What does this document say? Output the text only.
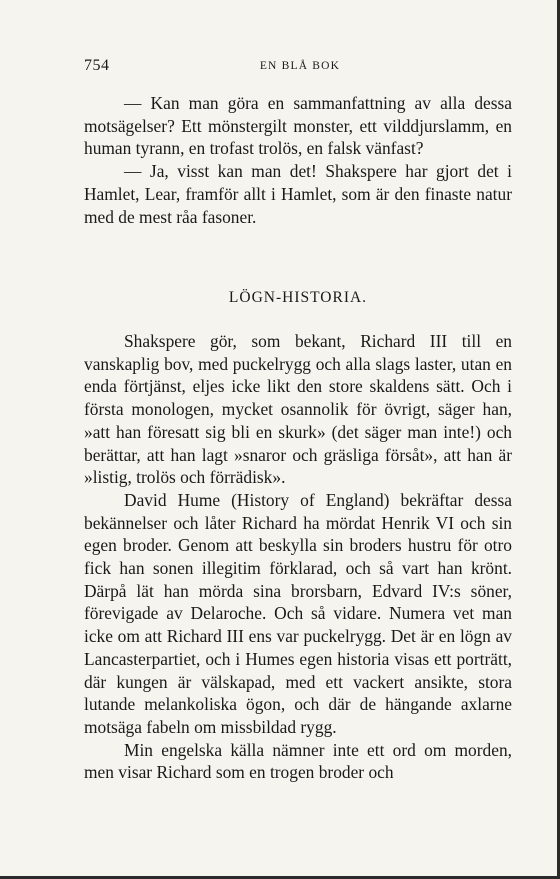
754	EN BLÅ BOK

— Kan man göra en sammanfattning av alla dessa motsägelser? Ett mönstergilt monster, ett vilddjurslamm, en human tyrann, en trofast trolös, en falsk vänfast?

— Ja, visst kan man det! Shakspere har gjort det i Hamlet, Lear, framför allt i Hamlet, som är den finaste natur med de mest råa fasoner.

LÖGN-HISTORIA.

Shakspere gör, som bekant, Richard III till en vanskaplig bov, med puckelrygg och alla slags laster, utan en enda förtjänst, eljes icke likt den store skaldens sätt. Och i första monologen, mycket osannolik för övrigt, säger han, »att han föresatt sig bli en skurk» (det säger man inte!) och berättar, att han lagt »snaror och gräsliga försåt», att han är »listig, trolös och förrädisk».

David Hume (History of England) bekräftar dessa bekännelser och låter Richard ha mördat Henrik VI och sin egen broder. Genom att beskylla sin broders hustru för otro fick han sonen illegitim förklarad, och så vart han krönt. Därpå lät han mörda sina brorsbarn, Edvard IV:s söner, förevigade av Delaroche. Och så vidare. Numera vet man icke om att Richard III ens var puckelrygg. Det är en lögn av Lancasterpartiet, och i Humes egen historia visas ett porträtt, där kungen är välskapad, med ett vackert ansikte, stora lutande melankoliska ögon, och där de hängande axlarne motsäga fabeln om missbildad rygg.

Min engelska källa nämner inte ett ord om morden, men visar Richard som en trogen broder och
